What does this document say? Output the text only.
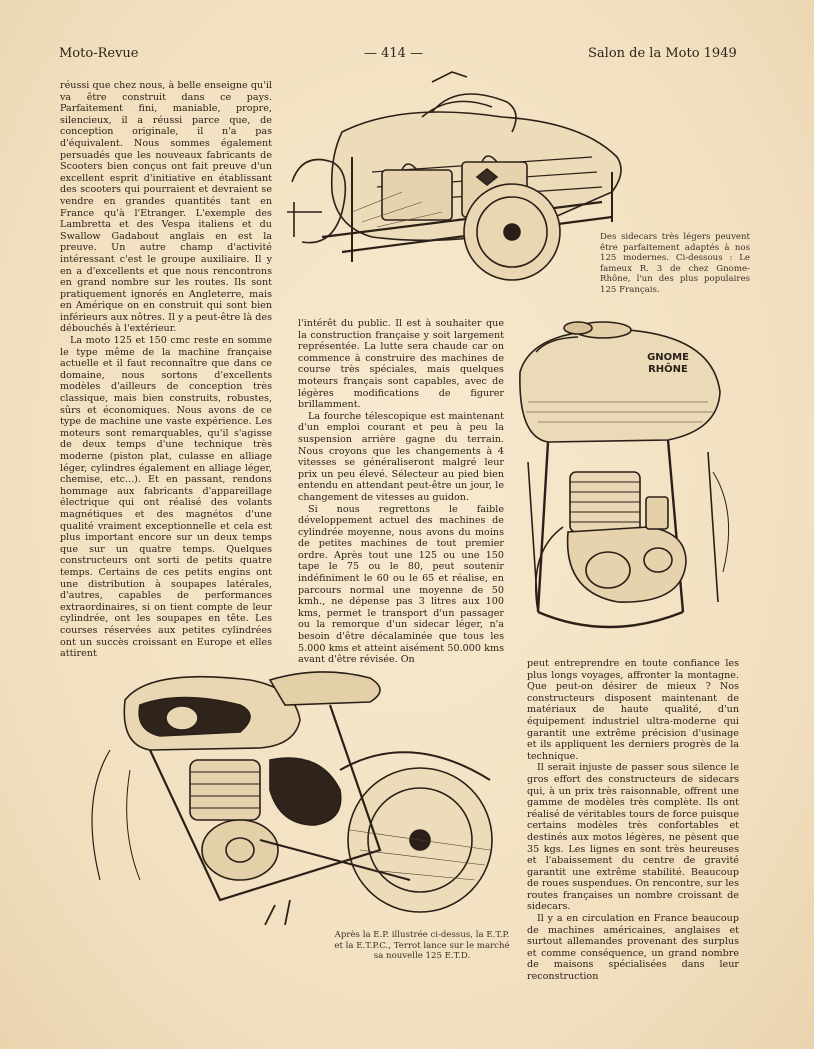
Moto-Revue	— 414 —	Salon de la Moto 1949

réussi que chez nous, à belle enseigne qu'il va être construit dans ce pays. Parfaitement fini, maniable, propre, silencieux, il a réussi parce que, de conception originale, il n'a pas d'équivalent. Nous sommes également persuadés que les nouveaux fabricants de Scooters bien conçus ont fait preuve d'un excellent esprit d'initiative en établissant des scooters qui pourraient et devraient se vendre en grandes quantités tant en France qu'à l'Etranger. L'exemple des Lambretta et des Vespa italiens et du Swallow Gadabout anglais en est la preuve. Un autre champ d'activité intéressant c'est le groupe auxiliaire. Il y en a d'excellents et que nous rencontrons en grand nombre sur les routes. Ils sont pratiquement ignorés en Angleterre, mais en Amérique on en construit qui sont bien inférieurs aux nôtres. Il y a peut-être là des débouchés à l'extérieur.

La moto 125 et 150 cmc reste en somme le type même de la machine française actuelle et il faut reconnaître que dans ce domaine, nous sortons d'excellents modèles d'ailleurs de conception très classique, mais bien construits, robustes, sûrs et économiques. Nous avons de ce type de machine une vaste expérience. Les moteurs sont remarquables, qu'il s'agisse de deux temps d'une technique très moderne (piston plat, culasse en alliage léger, cylindres également en alliage léger, chemise, etc...). Et en passant, rendons hommage aux fabricants d'appareillage électrique qui ont réalisé des volants magnétiques et des magnétos d'une qualité vraiment exceptionnelle et cela est plus important encore sur un deux temps que sur un quatre temps. Quelques constructeurs ont sorti de petits quatre temps. Certains de ces petits engins ont une distribution à soupapes latérales, d'autres, capables de performances extraordinaires, si on tient compte de leur cylindrée, ont les soupapes en tête. Les courses réservées aux petites cylindrées ont un succès croissant en Europe et elles attirent

l'intérêt du public. Il est à souhaiter que la construction française y soit largement représentée. La lutte sera chaude car on commence à construire des machines de course très spéciales, mais quelques moteurs français sont capables, avec de légères modifications de figurer brillamment.

La fourche télescopique est maintenant d'un emploi courant et peu à peu la suspension arrière gagne du terrain. Nous croyons que les changements à 4 vitesses se généraliseront malgré leur prix un peu élevé. Sélecteur au pied bien entendu en attendant peut-être un jour, le changement de vitesses au guidon.

Si nous regrettons le faible développement actuel des machines de cylindrée moyenne, nous avons du moins de petites machines de tout premier ordre. Après tout une 125 ou une 150 tape le 75 ou le 80, peut soutenir indéfiniment le 60 ou le 65 et réalise, en parcours normal une moyenne de 50 kmh., ne dépense pas 3 litres aux 100 kms, permet le transport d'un passager ou la remorque d'un sidecar léger, n'a besoin d'être décalaminée que tous les 5.000 kms et atteint aisément 50.000 kms avant d'être révisée. On	peut entreprendre en toute confiance les plus longs voyages, affronter la montagne. Que peut-on désirer de mieux ? Nos constructeurs disposent maintenant de matériaux de haute qualité, d'un équipement industriel ultra-moderne qui garantit une extrême précision d'usinage et ils appliquent les derniers progrès de la technique.

Il serait injuste de passer sous silence le gros effort des constructeurs de sidecars qui, à un prix très raisonnable, offrent une gamme de modèles très complète. Ils ont réalisé de véritables tours de force puisque certains modèles très confortables et destinés aux motos légères, ne pèsent que 35 kgs. Les lignes en sont très heureuses et l'abaissement du centre de gravité garantit une extrême stabilité. Beaucoup de roues suspendues. On rencontre, sur les routes françaises un nombre croissant de sidecars.

Il y a en circulation en France beaucoup de machines américaines, anglaises et surtout allemandes provenant des surplus et comme conséquence, un grand nombre de maisons spécialisées dans leur reconstruction

Des sidecars très légers peuvent être parfaitement adaptés à nos 125 modernes. Ci-dessous : Le fameux R. 3 de chez Gnome-Rhône, l'un des plus populaires 125 Français.
Après la E.P. illustrée ci-dessus, la E.T.P. et la E.T.P.C., Terrot lance sur le marché sa nouvelle 125 E.T.D.
GNOME RHÔNE
